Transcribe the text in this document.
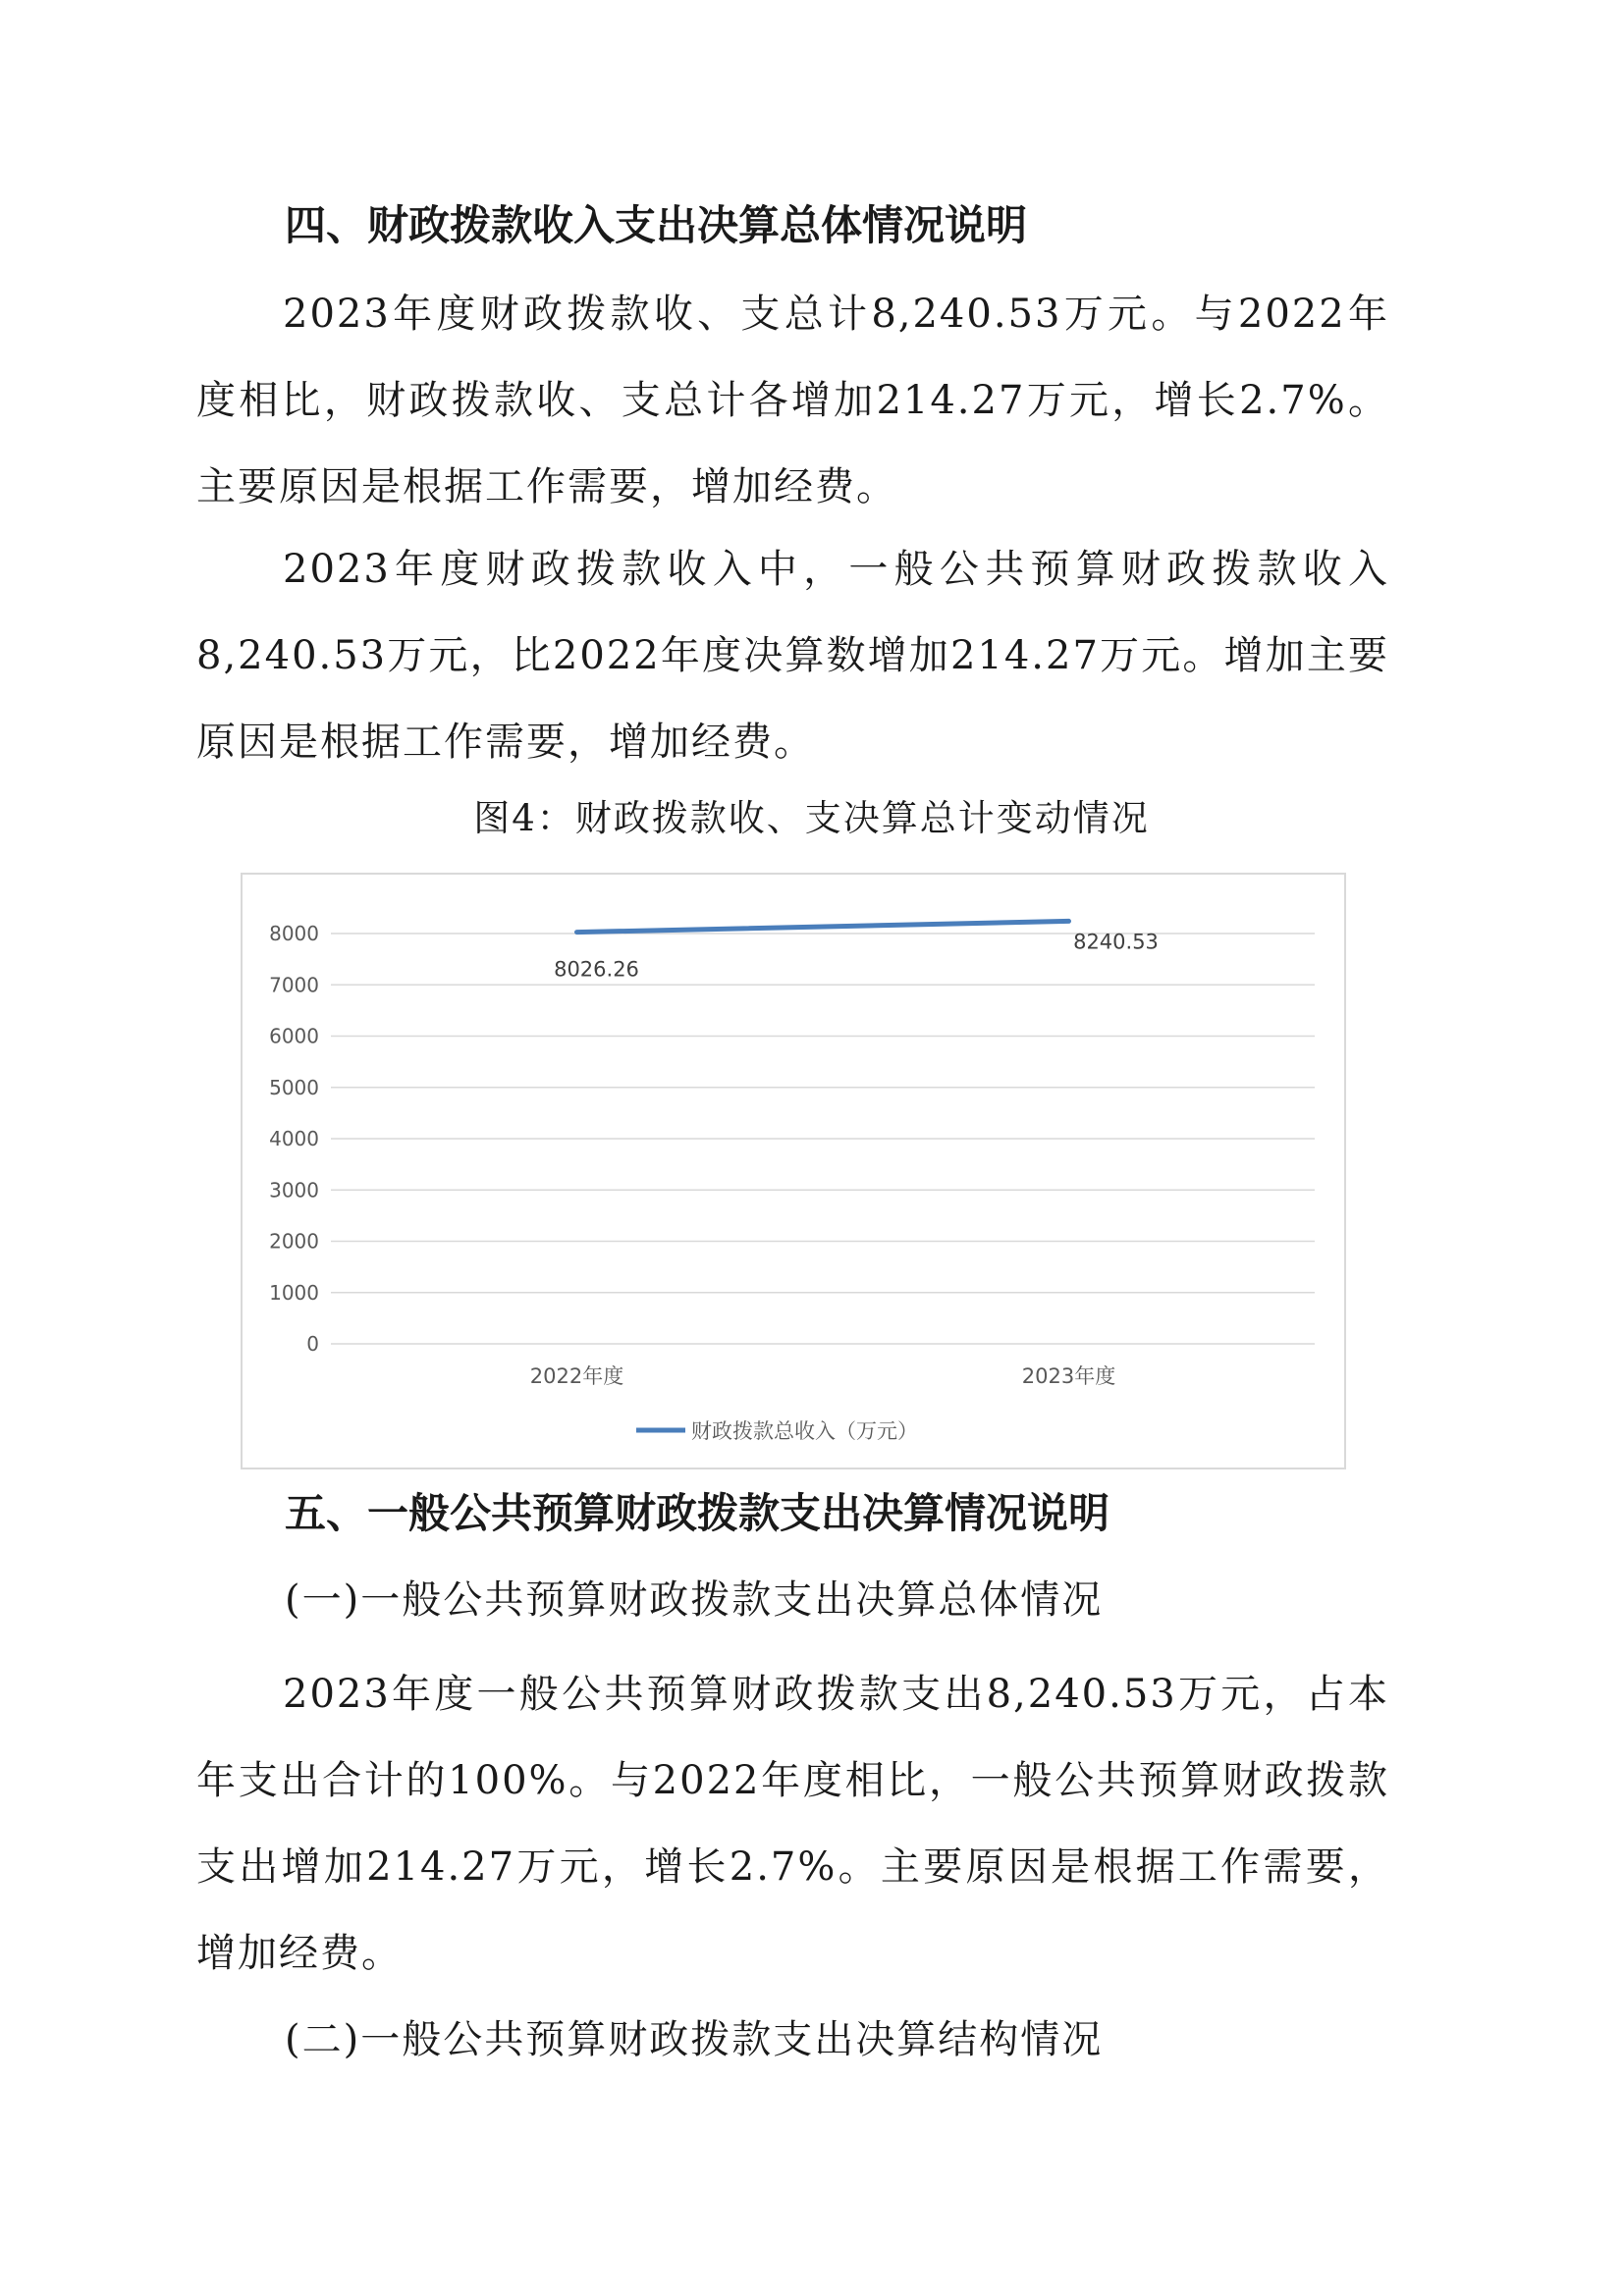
四、财政拨款收入支出决算总体情况说明

2023年度财政拨款收、支总计8,240.53万元。与2022年度相比，财政拨款收、支总计各增加214.27万元，增长2.7%。主要原因是根据工作需要，增加经费。

2023年度财政拨款收入中，一般公共预算财政拨款收入8,240.53万元，比2022年度决算数增加214.27万元。增加主要原因是根据工作需要，增加经费。

图4：财政拨款收、支决算总计变动情况

0
1000
2000
3000
4000
5000
6000
7000
8000
2022年度	2023年度
8026.26
8240.53
财政拨款总收入（万元）
五、一般公共预算财政拨款支出决算情况说明

(一)一般公共预算财政拨款支出决算总体情况

2023年度一般公共预算财政拨款支出8,240.53万元，占本年支出合计的100%。与2022年度相比，一般公共预算财政拨款支出增加214.27万元，增长2.7%。主要原因是根据工作需要，增加经费。

(二)一般公共预算财政拨款支出决算结构情况
